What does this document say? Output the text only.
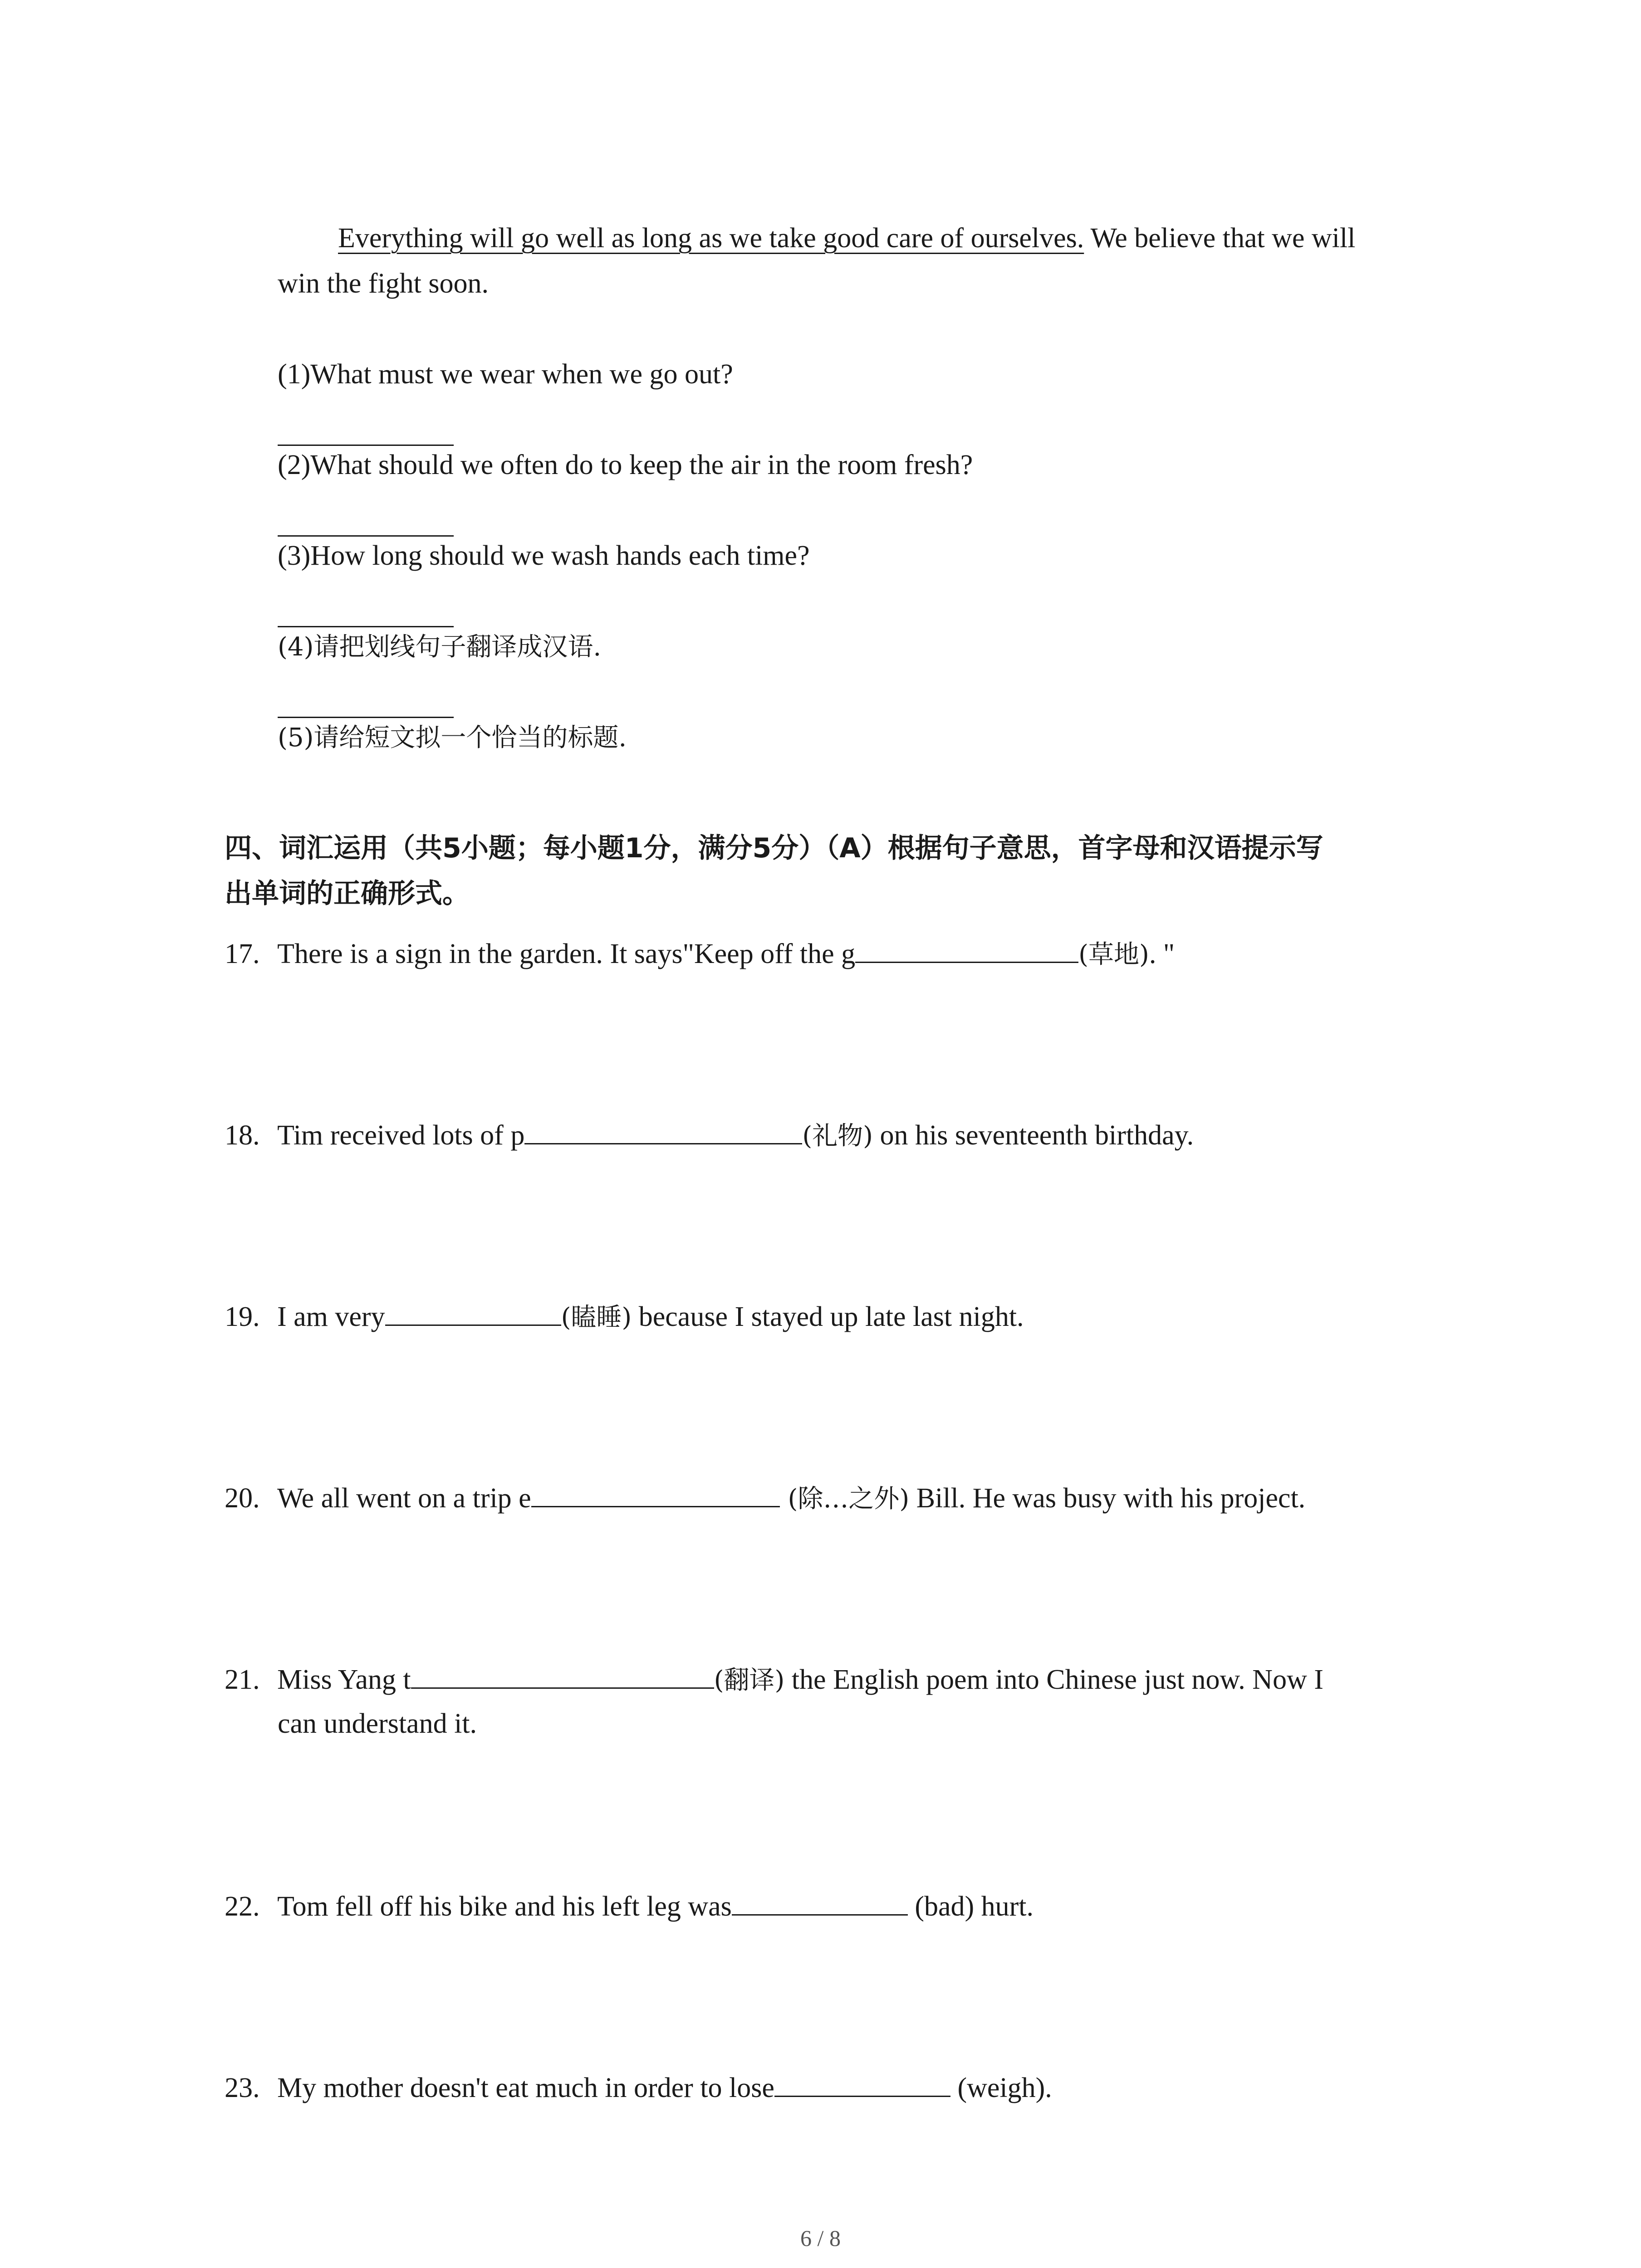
Everything will go well as long as we take good care of ourselves. We believe that we will
win the fight soon.
(1)What must we wear when we go out?
(2)What should we often do to keep the air in the room fresh?
(3)How long should we wash hands each time?
(4)请把划线句子翻译成汉语.
(5)请给短文拟一个恰当的标题.
四、词汇运用（共5小题；每小题1分，满分5分）（A）根据句子意思，首字母和汉语提示写
出单词的正确形式。
17. There is a sign in the garden. It says"Keep off the g	(草地). "
18. Tim received lots of p	(礼物) on his seventeenth birthday.
19. I am very	(瞌睡) because I stayed up late last night.
20. We all went on a trip e	(除…之外) Bill. He was busy with his project.
21. Miss Yang t	(翻译) the English poem into Chinese just now. Now I
can understand it.
22. Tom fell off his bike and his left leg was	(bad) hurt.
23. My mother doesn't eat much in order to lose	(weigh).
6 / 8
